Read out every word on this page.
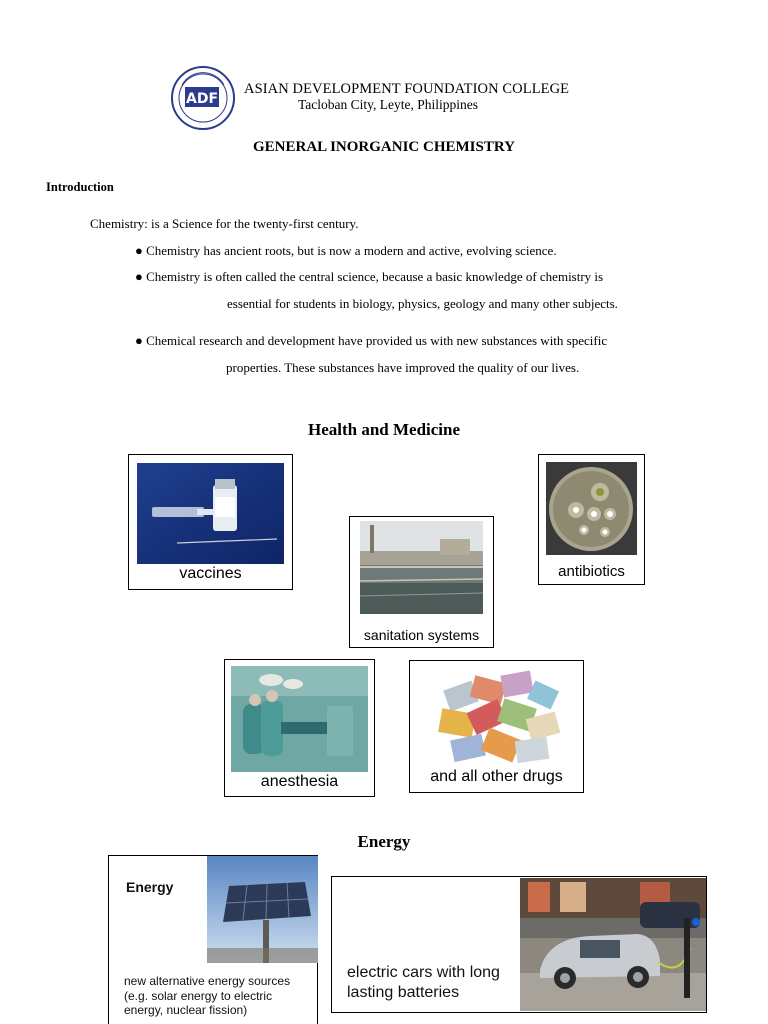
ADF
ASIAN DEVELOPMENT FOUNDATION COLLEGE
Tacloban City, Leyte, Philippines
GENERAL INORGANIC CHEMISTRY
Introduction
Chemistry: is a Science for the twenty-first century.
● Chemistry has ancient roots, but is now a modern and active, evolving science.
● Chemistry is often called the central science, because a basic knowledge of chemistry is
essential for students in biology, physics, geology and many other subjects.
● Chemical research and development have provided us with new substances with specific
properties. These substances have improved the quality of our lives.
Health and Medicine
vaccines	antibiotics
sanitation systems
anesthesia	and all other drugs
Energy
Energy
new alternative energy sources
(e.g. solar energy to electric
energy, nuclear fission)
electric cars with long
lasting batteries
